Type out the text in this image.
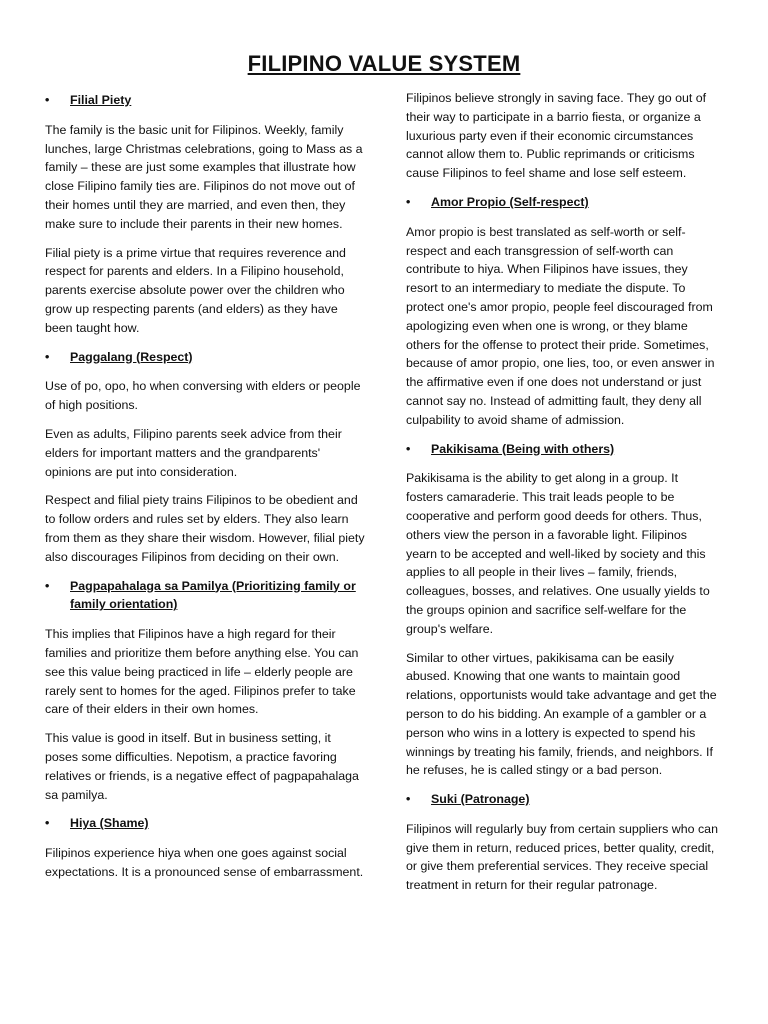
FILIPINO VALUE SYSTEM
•	Filial Piety

The family is the basic unit for Filipinos. Weekly, family lunches, large Christmas celebrations, going to Mass as a family – these are just some examples that illustrate how close Filipino family ties are. Filipinos do not move out of their homes until they are married, and even then, they make sure to include their parents in their new homes.

Filial piety is a prime virtue that requires reverence and respect for parents and elders. In a Filipino household, parents exercise absolute power over the children who grow up respecting parents (and elders) as they have been taught how.

•	Paggalang (Respect)

Use of po, opo, ho when conversing with elders or people of high positions.

Even as adults, Filipino parents seek advice from their elders for important matters and the grandparents' opinions are put into consideration.

Respect and filial piety trains Filipinos to be obedient and to follow orders and rules set by elders. They also learn from them as they share their wisdom. However, filial piety also discourages Filipinos from deciding on their own.

•	Pagpapahalaga sa Pamilya (Prioritizing family or family orientation)

This implies that Filipinos have a high regard for their families and prioritize them before anything else. You can see this value being practiced in life – elderly people are rarely sent to homes for the aged. Filipinos prefer to take care of their elders in their own homes.

This value is good in itself. But in business setting, it poses some difficulties. Nepotism, a practice favoring relatives or friends, is a negative effect of pagpapahalaga sa pamilya.

•	Hiya (Shame)

Filipinos experience hiya when one goes against social expectations. It is a pronounced sense of embarrassment.

Filipinos believe strongly in saving face. They go out of their way to participate in a barrio fiesta, or organize a luxurious party even if their economic circumstances cannot allow them to. Public reprimands or criticisms cause Filipinos to feel shame and lose self esteem.

•	Amor Propio (Self-respect)

Amor propio is best translated as self-worth or self-respect and each transgression of self-worth can contribute to hiya. When Filipinos have issues, they resort to an intermediary to mediate the dispute. To protect one's amor propio, people feel discouraged from apologizing even when one is wrong, or they blame others for the offense to protect their pride. Sometimes, because of amor propio, one lies, too, or even answer in the affirmative even if one does not understand or just cannot say no. Instead of admitting fault, they deny all culpability to avoid shame of admission.

•	Pakikisama (Being with others)

Pakikisama is the ability to get along in a group. It fosters camaraderie. This trait leads people to be cooperative and perform good deeds for others. Thus, others view the person in a favorable light. Filipinos yearn to be accepted and well-liked by society and this applies to all people in their lives – family, friends, colleagues, bosses, and relatives. One usually yields to the groups opinion and sacrifice self-welfare for the group's welfare.

Similar to other virtues, pakikisama can be easily abused. Knowing that one wants to maintain good relations, opportunists would take advantage and get the person to do his bidding. An example of a gambler or a person who wins in a lottery is expected to spend his winnings by treating his family, friends, and neighbors. If he refuses, he is called stingy or a bad person.

•	Suki (Patronage)

Filipinos will regularly buy from certain suppliers who can give them in return, reduced prices, better quality, credit, or give them preferential services. They receive special treatment in return for their regular patronage.
